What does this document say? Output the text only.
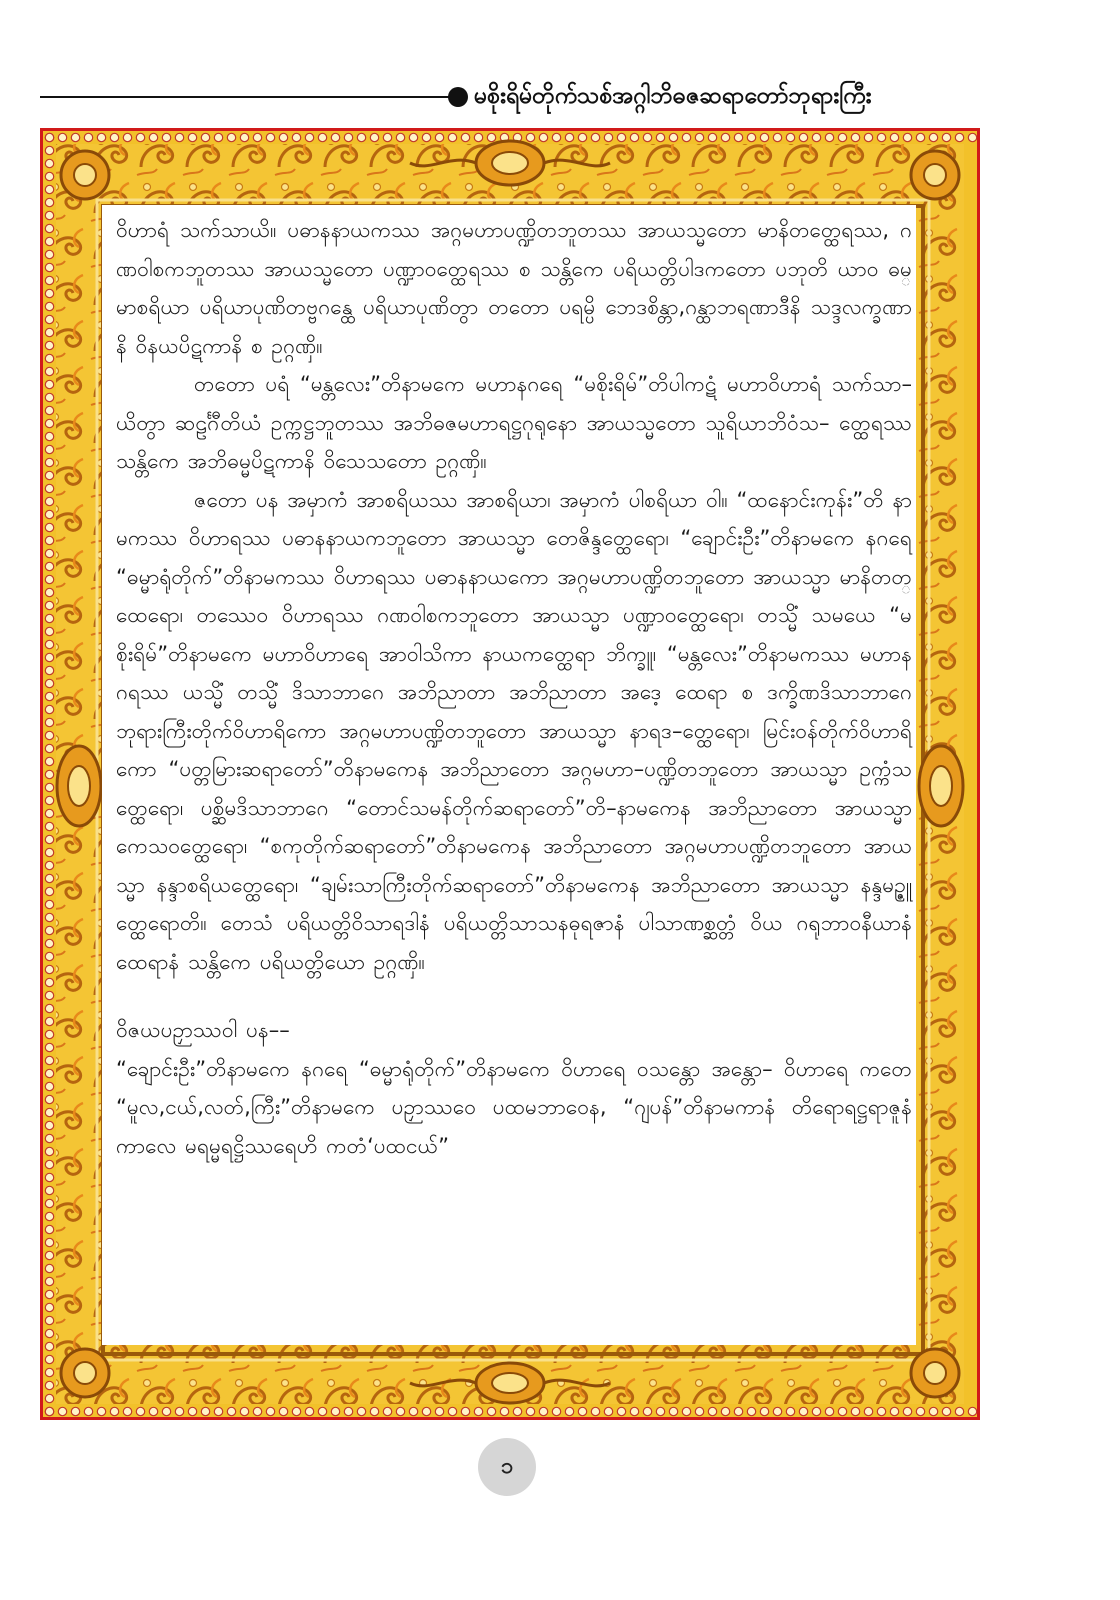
မစိုးရိမ်တိုက်သစ်အဂ္ဂါဘိဓဇဆရာတော်ဘုရားကြီး

ဝိဟာရံ သက်သာယိ။ ပဓာနနာယကဿ အဂ္ဂမဟာပဏ္ဍိတဘူတဿ အာယသ္မတော မာနိတတ္ထေရဿ, ဂဏဝါစကဘူတဿ အာယသ္မတော ပဏ္ဍာဝတ္ထေရဿ စ သန္တိကေ ပရိယတ္တိပါဒကတော ပဘုတိ ယာဝ ဓမ္မာစရိယာ ပရိယာပုဏိတဗ္ဗဂန္ထေ ပရိယာပုဏိတွာ တတော ပရမ္ပိ ဘေဒစိန္တာ,ဂန္ထာဘရဏာဒီနိ သဒ္ဒလက္ခဏာနိ ဝိနယပိဋကာနိ စ ဥဂ္ဂဏှိ။

တတော ပရံ “မန္တလေး”တိနာမကေ မဟာနဂရေ “မစိုးရိမ်”တိပါကဋံ မဟာဝိဟာရံ သက်သာ– ယိတွာ ဆဠင်္ဂီတိယံ ဥက္ကဋ္ဌဘူတဿ အဘိဓဇမဟာရဋ္ဌဂုရုနော အာယသ္မတော သူရိယာဘိဝံသ– တ္ထေရဿ သန္တိကေ အဘိဓမ္မပိဋကာနိ ဝိသေသတော ဥဂ္ဂဏှိ။

ဇတော ပန အမှာကံ အာစရိယဿ အာစရိယာ၊ အမှာကံ ပါစရိယာ ဝါ။ “ထနောင်းကုန်း”တိ နာမကဿ ဝိဟာရဿ ပဓာနနာယကဘူတော အာယသ္မာ တေဇိန္ဒတ္ထေရော၊ “ချောင်းဦး”တိနာမကေ နဂရေ “ဓမ္မာရုံတိုက်”တိနာမကဿ ဝိဟာရဿ ပဓာနနာယကော အဂ္ဂမဟာပဏ္ဍိတဘူတော အာယသ္မာ မာနိတတ္ထေရော၊ တဿေဝ ဝိဟာရဿ ဂဏဝါစကဘူတော အာယသ္မာ ပဏ္ဍာဝတ္ထေရော၊ တသ္မိံ သမယေ “မစိုးရိမ်”တိနာမကေ မဟာဝိဟာရေ အာဝါသိကာ နာယကတ္ထေရာ ဘိက္ခူ၊ “မန္တလေး”တိနာမကဿ မဟာနဂရဿ ယသ္မိံ တသ္မိံ ဒိသာဘာဂေ အဘိညာတာ အဘိညာတာ အဒေ့ ထေရာ စ ဒက္ခိဏဒိသာဘာဂေ ဘုရားကြီးတိုက်ဝိဟာရိကော အဂ္ဂမဟာပဏ္ဍိတဘူတော အာယသ္မာ နာရဒ–တ္ထေရော၊ မြင်းဝန်တိုက်ဝိဟာရိကော “ပတ္တမြားဆရာတော်”တိနာမကေန အဘိညာတော အဂ္ဂမဟာ–ပဏ္ဍိတဘူတော အာယသ္မာ ဥက္ကံသတ္ထေရော၊ ပစ္ဆိမဒိသာဘာဂေ “တောင်သမန်တိုက်ဆရာတော်”တိ–နာမကေန အဘိညာတော အာယသ္မာ ကေသဝတ္ထေရော၊ “စကုတိုက်ဆရာတော်”တိနာမကေန အဘိညာတော အဂ္ဂမဟာပဏ္ဍိတဘူတော အာယသ္မာ နန္ဒာစရိယတ္ထေရော၊ “ချမ်းသာကြီးတိုက်ဆရာတော်”တိနာမကေန အဘိညာတော အာယသ္မာ နန္ဒမဥ္ဇူတ္ထေရောတိ။ တေသံ ပရိယတ္တိဝိသာရဒါနံ ပရိယတ္တိသာသနဓုရဇာနံ ပါသာဏစ္ဆတ္တံ ဝိယ ဂရုဘာဝနီယာနံ ထေရာနံ သန္တိကေ ပရိယတ္တိယော ဥဂ္ဂဏှိ။

ဝိဇယပဉှာဿဝါ ပန––

“ချောင်းဦး”တိနာမကေ နဂရေ “ဓမ္မာရုံတိုက်”တိနာမကေ ဝိဟာရေ ဝသန္တော အန္တော– ဝိဟာရေ ကတေ “မူလ,ငယ်,လတ်,ကြီး”တိနာမကေ ပဉှာဿဝေ ပထမဘာဝေန, “ဂျပန်”တိနာမကာနံ တိရောရဋ္ဌရာဇူနံ ကာလေ မရမ္မရဋ္ဌိဿရေဟိ ကတံ‘ပထငယ်”

၁
